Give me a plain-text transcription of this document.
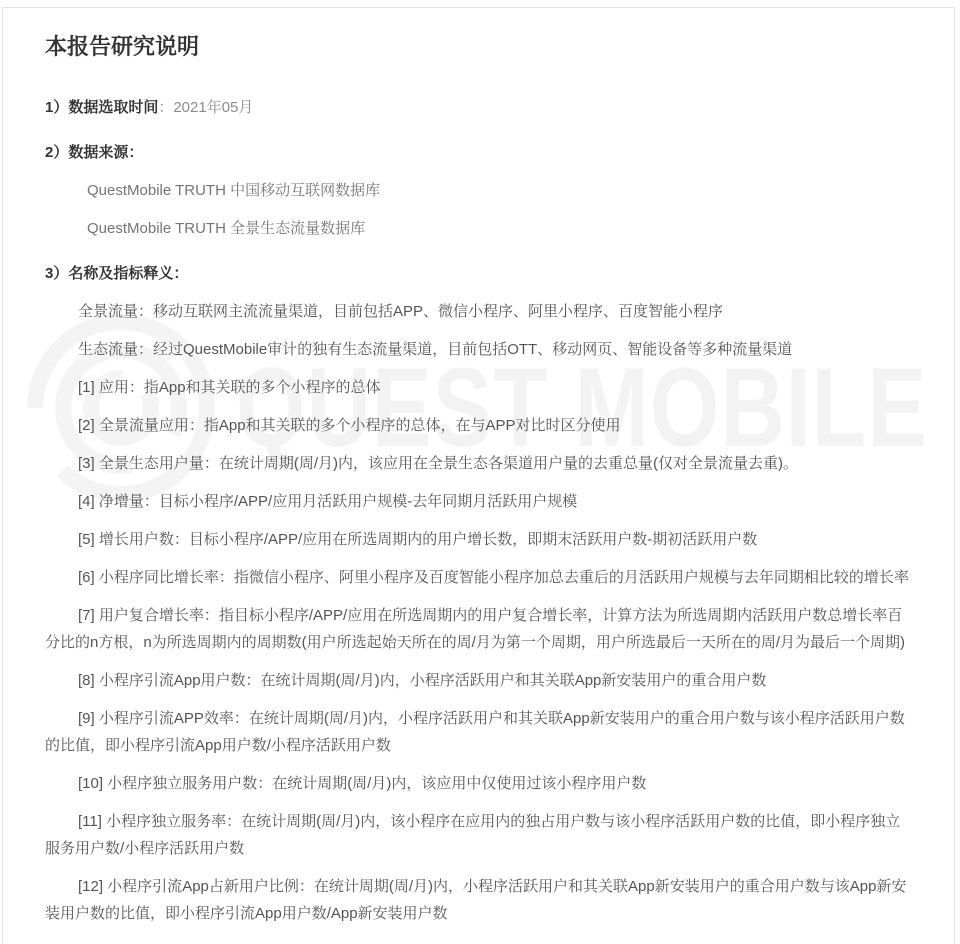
本报告研究说明

1）数据选取时间：2021年05月

2）数据来源：

QuestMobile TRUTH 中国移动互联网数据库

QuestMobile TRUTH 全景生态流量数据库

3）名称及指标释义：

全景流量：移动互联网主流流量渠道，目前包括APP、微信小程序、阿里小程序、百度智能小程序

生态流量：经过QuestMobile审计的独有生态流量渠道，目前包括OTT、移动网页、智能设备等多种流量渠道

[1] 应用：指App和其关联的多个小程序的总体

[2] 全景流量应用：指App和其关联的多个小程序的总体，在与APP对比时区分使用

[3] 全景生态用户量：在统计周期(周/月)内，该应用在全景生态各渠道用户量的去重总量(仅对全景流量去重)。

[4] 净增量：目标小程序/APP/应用月活跃用户规模-去年同期月活跃用户规模

[5] 增长用户数：目标小程序/APP/应用在所选周期内的用户增长数，即期末活跃用户数-期初活跃用户数

[6] 小程序同比增长率：指微信小程序、阿里小程序及百度智能小程序加总去重后的月活跃用户规模与去年同期相比较的增长率

[7] 用户复合增长率：指目标小程序/APP/应用在所选周期内的用户复合增长率，计算方法为所选周期内活跃用户数总增长率百分比的n方根，n为所选周期内的周期数(用户所选起始天所在的周/月为第一个周期，用户所选最后一天所在的周/月为最后一个周期)

[8] 小程序引流App用户数：在统计周期(周/月)内，小程序活跃用户和其关联App新安装用户的重合用户数

[9] 小程序引流APP效率：在统计周期(周/月)内，小程序活跃用户和其关联App新安装用户的重合用户数与该小程序活跃用户数的比值，即小程序引流App用户数/小程序活跃用户数

[10] 小程序独立服务用户数：在统计周期(周/月)内，该应用中仅使用过该小程序用户数

[11] 小程序独立服务率：在统计周期(周/月)内，该小程序在应用内的独占用户数与该小程序活跃用户数的比值，即小程序独立服务用户数/小程序活跃用户数

[12] 小程序引流App占新用户比例：在统计周期(周/月)内，小程序活跃用户和其关联App新安装用户的重合用户数与该App新安装用户数的比值，即小程序引流App用户数/App新安装用户数
